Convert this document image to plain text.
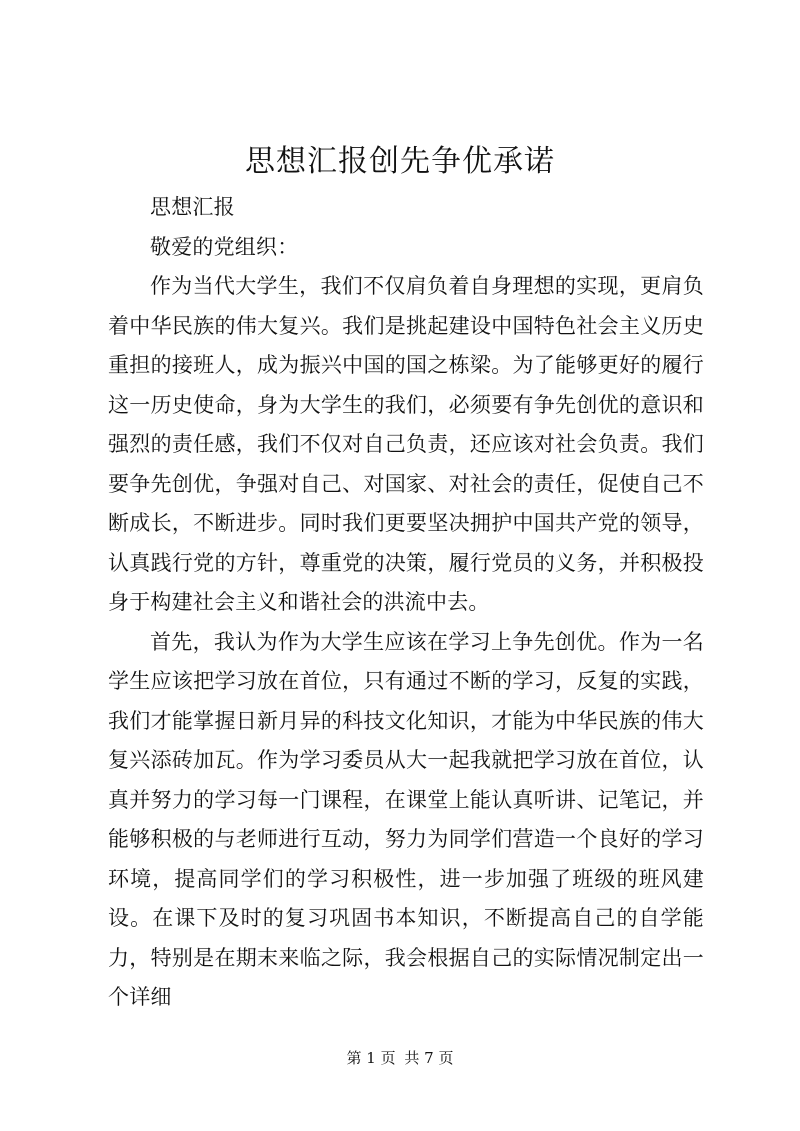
思想汇报创先争优承诺

思想汇报

敬爱的党组织：

作为当代大学生，我们不仅肩负着自身理想的实现，更肩负着中华民族的伟大复兴。我们是挑起建设中国特色社会主义历史重担的接班人，成为振兴中国的国之栋梁。为了能够更好的履行这一历史使命，身为大学生的我们，必须要有争先创优的意识和强烈的责任感，我们不仅对自己负责，还应该对社会负责。我们要争先创优，争强对自己、对国家、对社会的责任，促使自己不断成长，不断进步。同时我们更要坚决拥护中国共产党的领导，认真践行党的方针，尊重党的决策，履行党员的义务，并积极投身于构建社会主义和谐社会的洪流中去。

首先，我认为作为大学生应该在学习上争先创优。作为一名学生应该把学习放在首位，只有通过不断的学习，反复的实践，我们才能掌握日新月异的科技文化知识，才能为中华民族的伟大复兴添砖加瓦。作为学习委员从大一起我就把学习放在首位，认真并努力的学习每一门课程，在课堂上能认真听讲、记笔记，并能够积极的与老师进行互动，努力为同学们营造一个良好的学习环境，提高同学们的学习积极性，进一步加强了班级的班风建设。在课下及时的复习巩固书本知识，不断提高自己的自学能力，特别是在期末来临之际，我会根据自己的实际情况制定出一个详细

第 1 页 共 7 页
